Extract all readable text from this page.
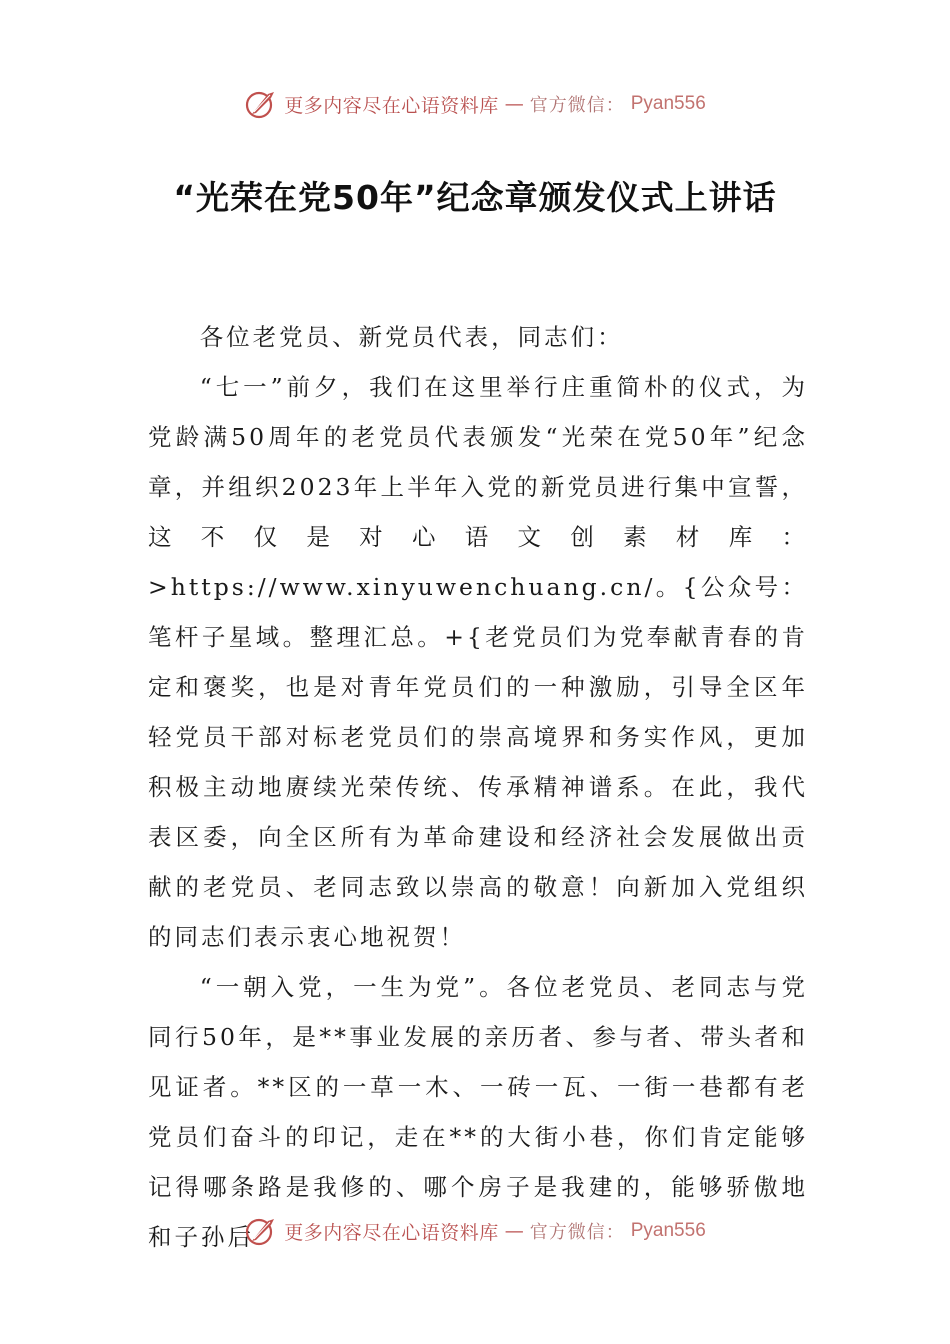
更多内容尽在心语资料库 — 官方微信： Pyan556
“光荣在党50年”纪念章颁发仪式上讲话

各位老党员、新党员代表，同志们：

“七一”前夕，我们在这里举行庄重简朴的仪式，为党龄满50周年的老党员代表颁发“光荣在党50年”纪念章，并组织2023年上半年入党的新党员进行集中宣誓，这不仅是对心语文创素材库：>https://www.xinyuwenchuang.cn/。{公众号：笔杆子星域。整理汇总。+{老党员们为党奉献青春的肯定和褒奖，也是对青年党员们的一种激励，引导全区年轻党员干部对标老党员们的崇高境界和务实作风，更加积极主动地赓续光荣传统、传承精神谱系。在此，我代表区委，向全区所有为革命建设和经济社会发展做出贡献的老党员、老同志致以崇高的敬意！向新加入党组织的同志们表示衷心地祝贺！

“一朝入党，一生为党”。各位老党员、老同志与党同行50年，是**事业发展的亲历者、参与者、带头者和见证者。**区的一草一木、一砖一瓦、一街一巷都有老党员们奋斗的印记，走在**的大街小巷，你们肯定能够记得哪条路是我修的、哪个房子是我建的，能够骄傲地和子孙后	更多内容尽在心语资料库 — 官方微信： Pyan556
